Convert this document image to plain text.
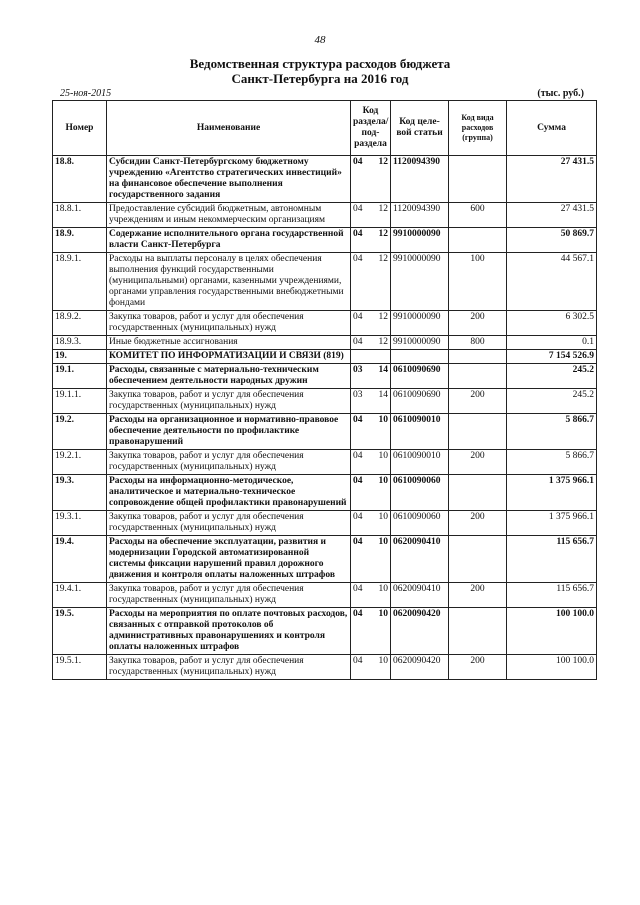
48
Ведомственная структура расходов бюджета
Санкт-Петербурга на 2016 год
25-ноя-2015	(тыс. руб.)
Номер	Наименование	Код раздела/ под-раздела		Код целе-вой статьи	Код вида расходов (группа)	Сумма
18.8.	Субсидии Санкт-Петербургскому бюджетному учреждению «Агентство стратегических инвестиций» на финансовое обеспечение выполнения государственного задания	04	12	1120094390		27 431.5
18.8.1.	Предоставление субсидий бюджетным, автономным учреждениям и иным некоммерческим организациям	04	12	1120094390	600	27 431.5
18.9.	Содержание исполнительного органа государственной власти Санкт-Петербурга	04	12	9910000090		50 869.7
18.9.1.	Расходы на выплаты персоналу в целях обеспечения выполнения функций государственными (муниципальными) органами, казенными учреждениями, органами управления государственными внебюджетными фондами	04	12	9910000090	100	44 567.1
18.9.2.	Закупка товаров, работ и услуг для обеспечения государственных (муниципальных) нужд	04	12	9910000090	200	6 302.5
18.9.3.	Иные бюджетные ассигнования	04	12	9910000090	800	0.1
19.	КОМИТЕТ ПО ИНФОРМАТИЗАЦИИ И СВЯЗИ (819)					7 154 526.9
19.1.	Расходы, связанные с материально-техническим обеспечением деятельности народных дружин	03	14	0610090690		245.2
19.1.1.	Закупка товаров, работ и услуг для обеспечения государственных (муниципальных) нужд	03	14	0610090690	200	245.2
19.2.	Расходы на организационное и нормативно-правовое обеспечение деятельности по профилактике правонарушений	04	10	0610090010		5 866.7
19.2.1.	Закупка товаров, работ и услуг для обеспечения государственных (муниципальных) нужд	04	10	0610090010	200	5 866.7
19.3.	Расходы на информационно-методическое, аналитическое и материально-техническое сопровождение общей профилактики правонарушений	04	10	0610090060		1 375 966.1
19.3.1.	Закупка товаров, работ и услуг для обеспечения государственных (муниципальных) нужд	04	10	0610090060	200	1 375 966.1
19.4.	Расходы на обеспечение эксплуатации, развития и модернизации Городской автоматизированной системы фиксации нарушений правил дорожного движения и контроля оплаты наложенных штрафов	04	10	0620090410		115 656.7
19.4.1.	Закупка товаров, работ и услуг для обеспечения государственных (муниципальных) нужд	04	10	0620090410	200	115 656.7
19.5.	Расходы на мероприятия по оплате почтовых расходов, связанных с отправкой протоколов об административных правонарушениях и контроля оплаты наложенных штрафов	04	10	0620090420		100 100.0
19.5.1.	Закупка товаров, работ и услуг для обеспечения государственных (муниципальных) нужд	04	10	0620090420	200	100 100.0
